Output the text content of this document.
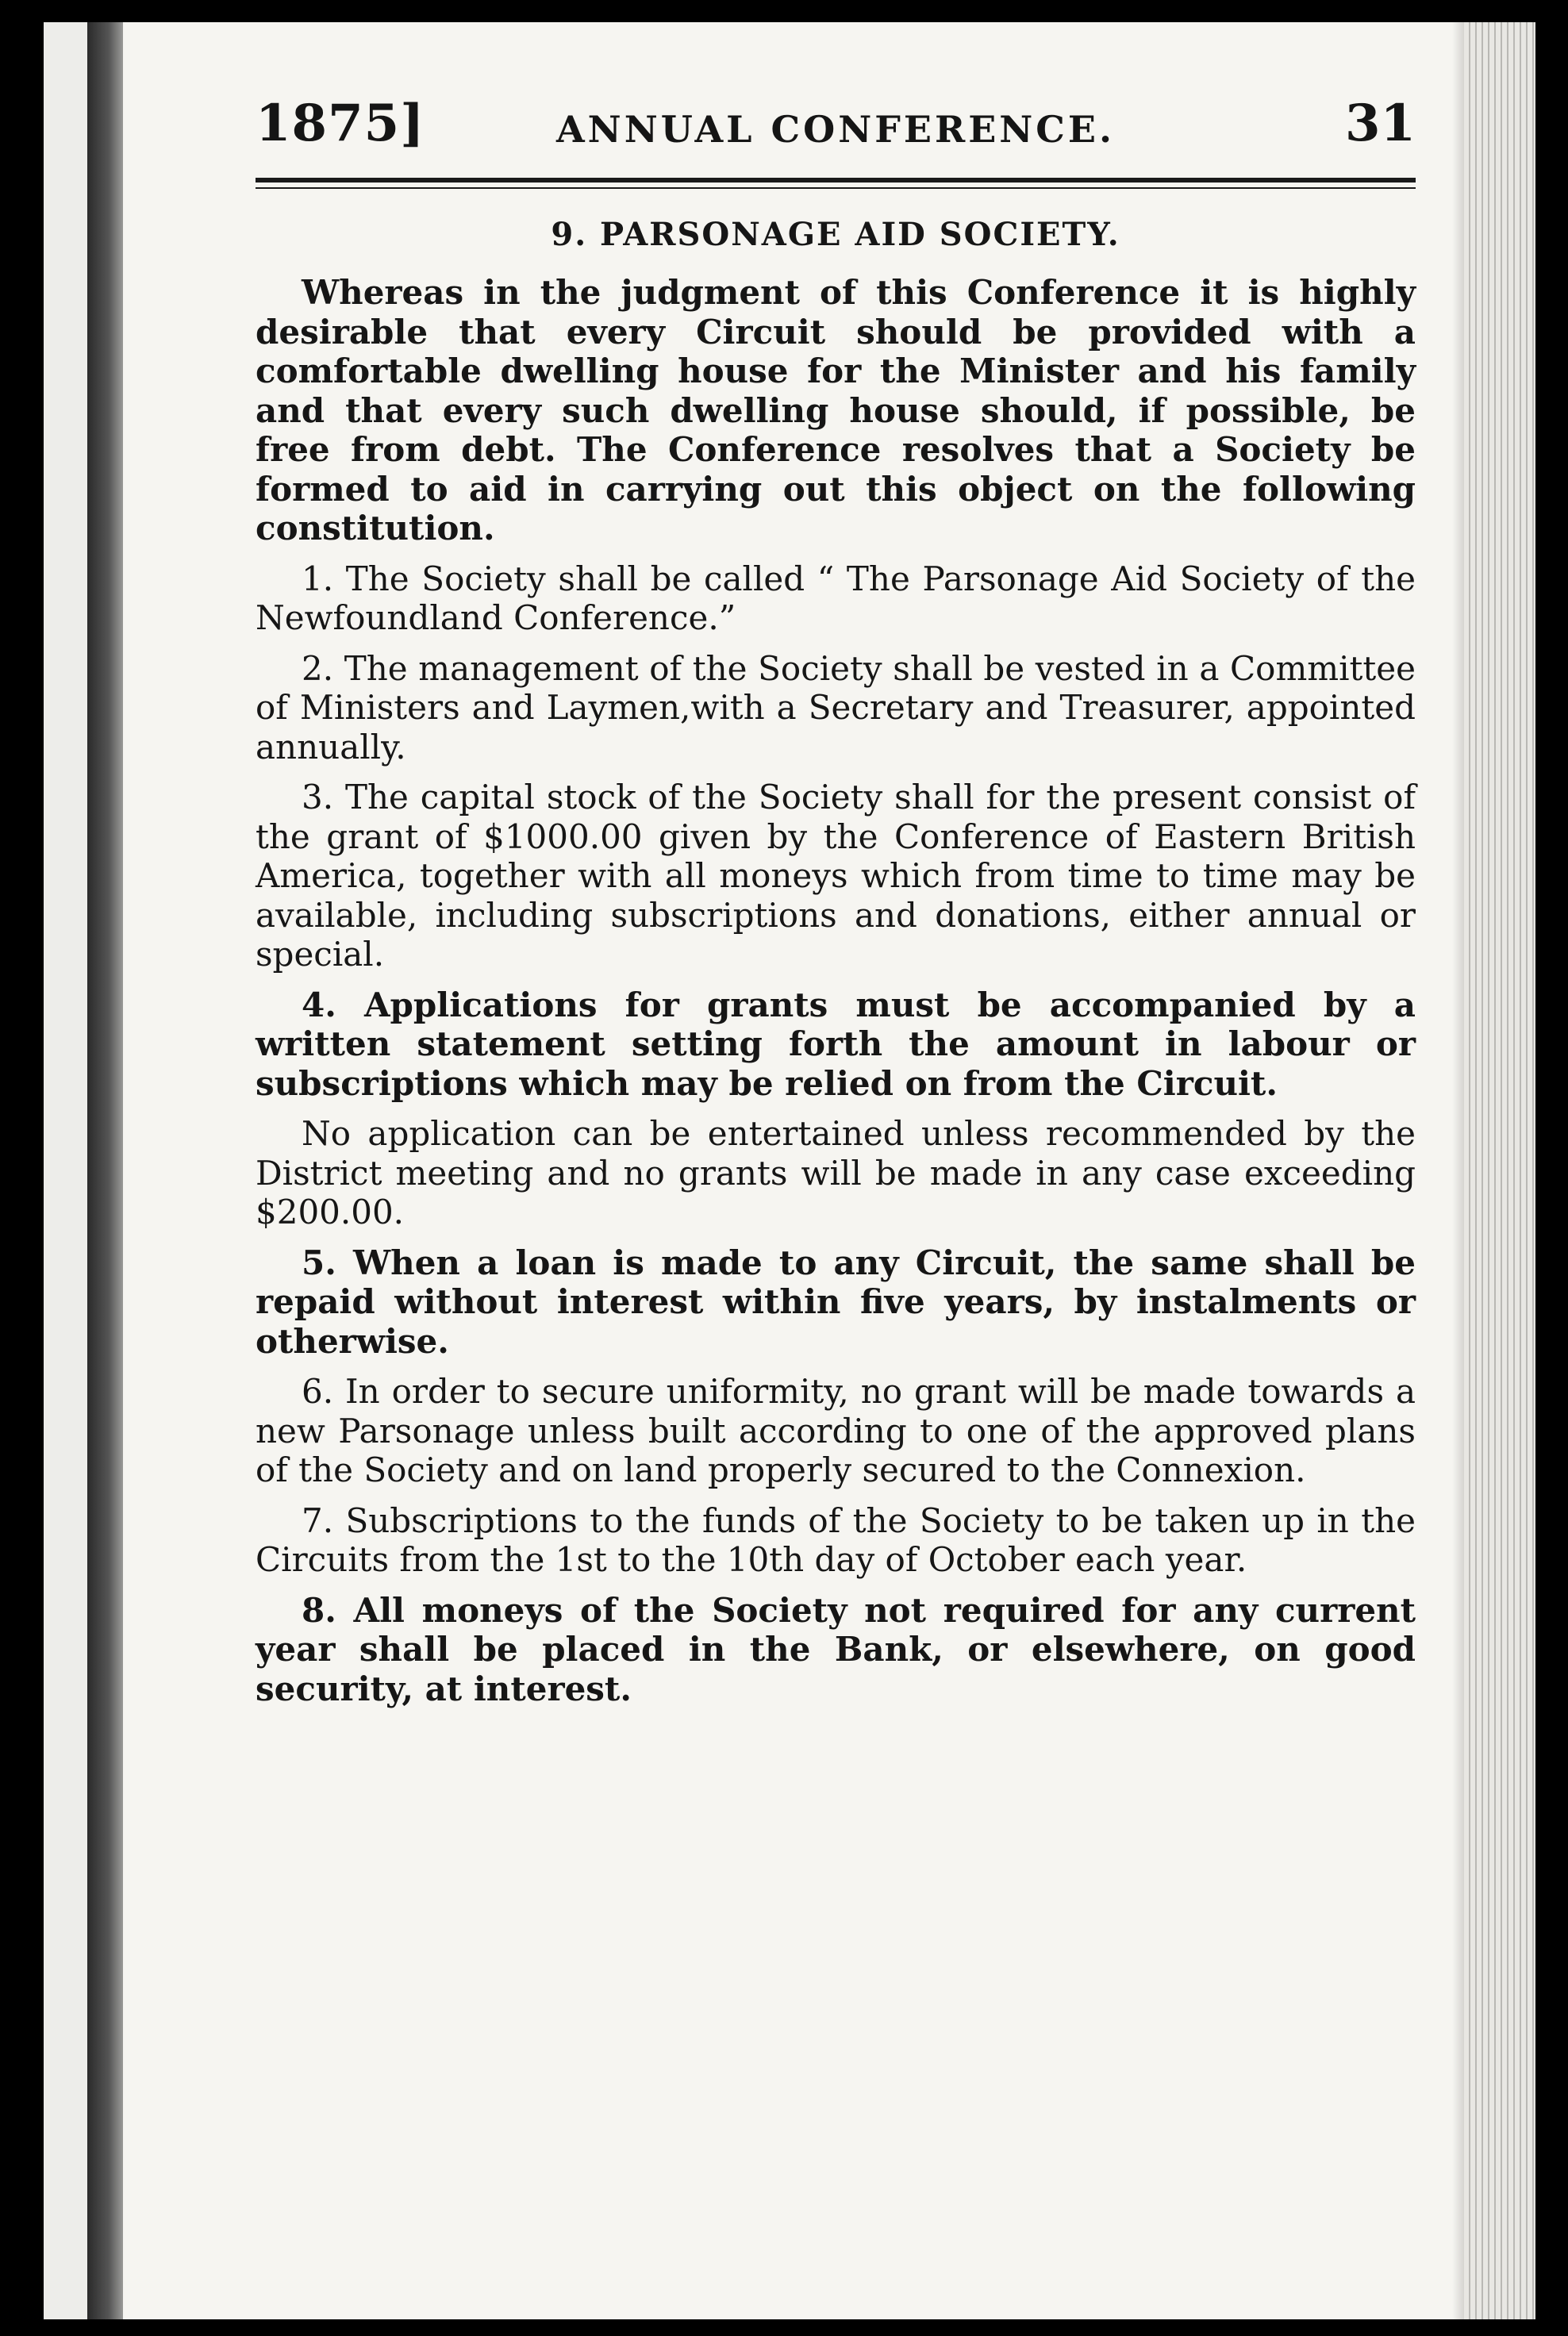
1875]	ANNUAL CONFERENCE.	31
9. PARSONAGE AID SOCIETY.

Whereas in the judgment of this Conference it is highly desirable that every Circuit should be provided with a comfortable dwelling house for the Minister and his family and that every such dwelling house should, if possible, be free from debt. The Conference resolves that a Society be formed to aid in carrying out this object on the following constitution.

1. The Society shall be called “ The Parsonage Aid Society of the Newfoundland Conference.”

2. The management of the Society shall be vested in a Committee of Ministers and Laymen,with a Secretary and Treasurer, appointed annually.

3. The capital stock of the Society shall for the present consist of the grant of $1000.00 given by the Conference of Eastern British America, together with all moneys which from time to time may be available, including subscriptions and donations, either annual or special.

4. Applications for grants must be accompanied by a written statement setting forth the amount in labour or subscriptions which may be relied on from the Circuit.

No application can be entertained unless recommended by the District meeting and no grants will be made in any case exceeding $200.00.

5. When a loan is made to any Circuit, the same shall be repaid without interest within five years, by instalments or otherwise.

6. In order to secure uniformity, no grant will be made towards a new Parsonage unless built according to one of the approved plans of the Society and on land properly secured to the Connexion.

7. Subscriptions to the funds of the Society to be taken up in the Circuits from the 1st to the 10th day of October each year.

8. All moneys of the Society not required for any current year shall be placed in the Bank, or elsewhere, on good security, at interest.
